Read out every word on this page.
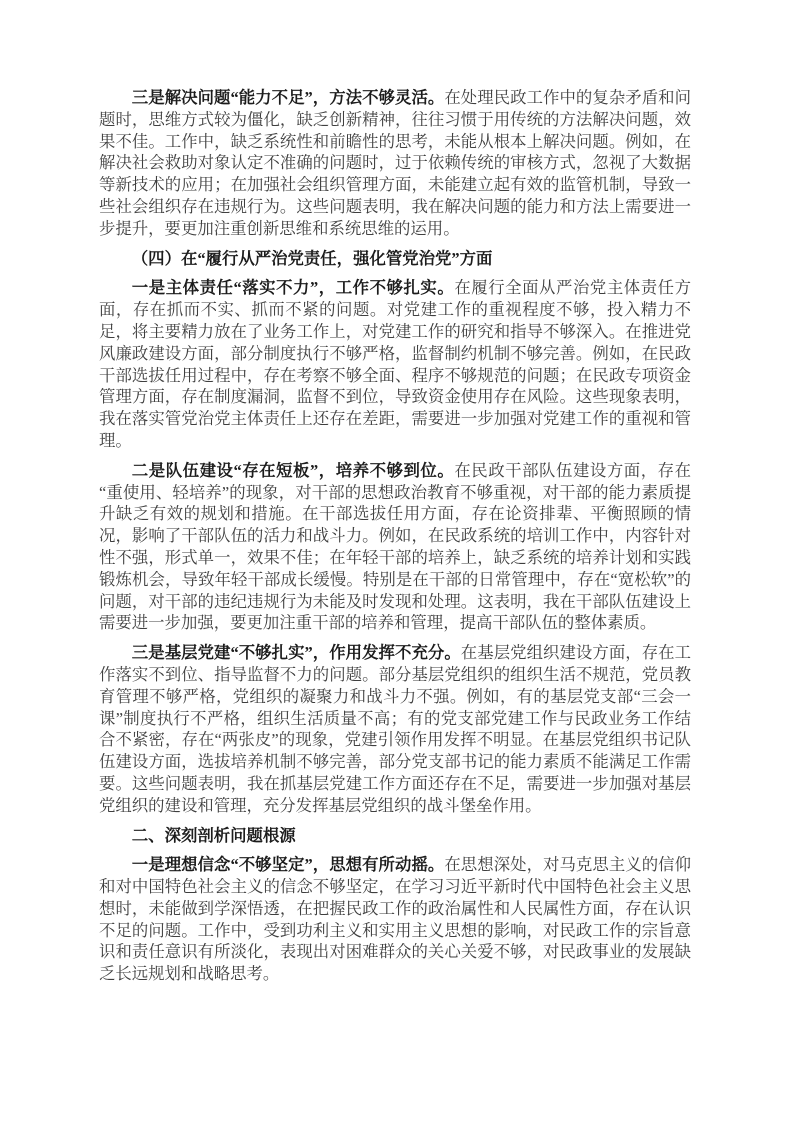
三是解决问题“能力不足”，方法不够灵活。在处理民政工作中的复杂矛盾和问题时，思维方式较为僵化，缺乏创新精神，往往习惯于用传统的方法解决问题，效果不佳。工作中，缺乏系统性和前瞻性的思考，未能从根本上解决问题。例如，在解决社会救助对象认定不准确的问题时，过于依赖传统的审核方式，忽视了大数据等新技术的应用；在加强社会组织管理方面，未能建立起有效的监管机制，导致一些社会组织存在违规行为。这些问题表明，我在解决问题的能力和方法上需要进一步提升，要更加注重创新思维和系统思维的运用。

（四）在“履行从严治党责任，强化管党治党”方面

一是主体责任“落实不力”，工作不够扎实。在履行全面从严治党主体责任方面，存在抓而不实、抓而不紧的问题。对党建工作的重视程度不够，投入精力不足，将主要精力放在了业务工作上，对党建工作的研究和指导不够深入。在推进党风廉政建设方面，部分制度执行不够严格，监督制约机制不够完善。例如，在民政干部选拔任用过程中，存在考察不够全面、程序不够规范的问题；在民政专项资金管理方面，存在制度漏洞，监督不到位，导致资金使用存在风险。这些现象表明，我在落实管党治党主体责任上还存在差距，需要进一步加强对党建工作的重视和管理。

二是队伍建设“存在短板”，培养不够到位。在民政干部队伍建设方面，存在“重使用、轻培养”的现象，对干部的思想政治教育不够重视，对干部的能力素质提升缺乏有效的规划和措施。在干部选拔任用方面，存在论资排辈、平衡照顾的情况，影响了干部队伍的活力和战斗力。例如，在民政系统的培训工作中，内容针对性不强，形式单一，效果不佳；在年轻干部的培养上，缺乏系统的培养计划和实践锻炼机会，导致年轻干部成长缓慢。特别是在干部的日常管理中，存在“宽松软”的问题，对干部的违纪违规行为未能及时发现和处理。这表明，我在干部队伍建设上需要进一步加强，要更加注重干部的培养和管理，提高干部队伍的整体素质。

三是基层党建“不够扎实”，作用发挥不充分。在基层党组织建设方面，存在工作落实不到位、指导监督不力的问题。部分基层党组织的组织生活不规范，党员教育管理不够严格，党组织的凝聚力和战斗力不强。例如，有的基层党支部“三会一课”制度执行不严格，组织生活质量不高；有的党支部党建工作与民政业务工作结合不紧密，存在“两张皮”的现象，党建引领作用发挥不明显。在基层党组织书记队伍建设方面，选拔培养机制不够完善，部分党支部书记的能力素质不能满足工作需要。这些问题表明，我在抓基层党建工作方面还存在不足，需要进一步加强对基层党组织的建设和管理，充分发挥基层党组织的战斗堡垒作用。

二、深刻剖析问题根源

一是理想信念“不够坚定”，思想有所动摇。在思想深处，对马克思主义的信仰和对中国特色社会主义的信念不够坚定，在学习习近平新时代中国特色社会主义思想时，未能做到学深悟透，在把握民政工作的政治属性和人民属性方面，存在认识不足的问题。工作中，受到功利主义和实用主义思想的影响，对民政工作的宗旨意识和责任意识有所淡化，表现出对困难群众的关心关爱不够，对民政事业的发展缺乏长远规划和战略思考。
